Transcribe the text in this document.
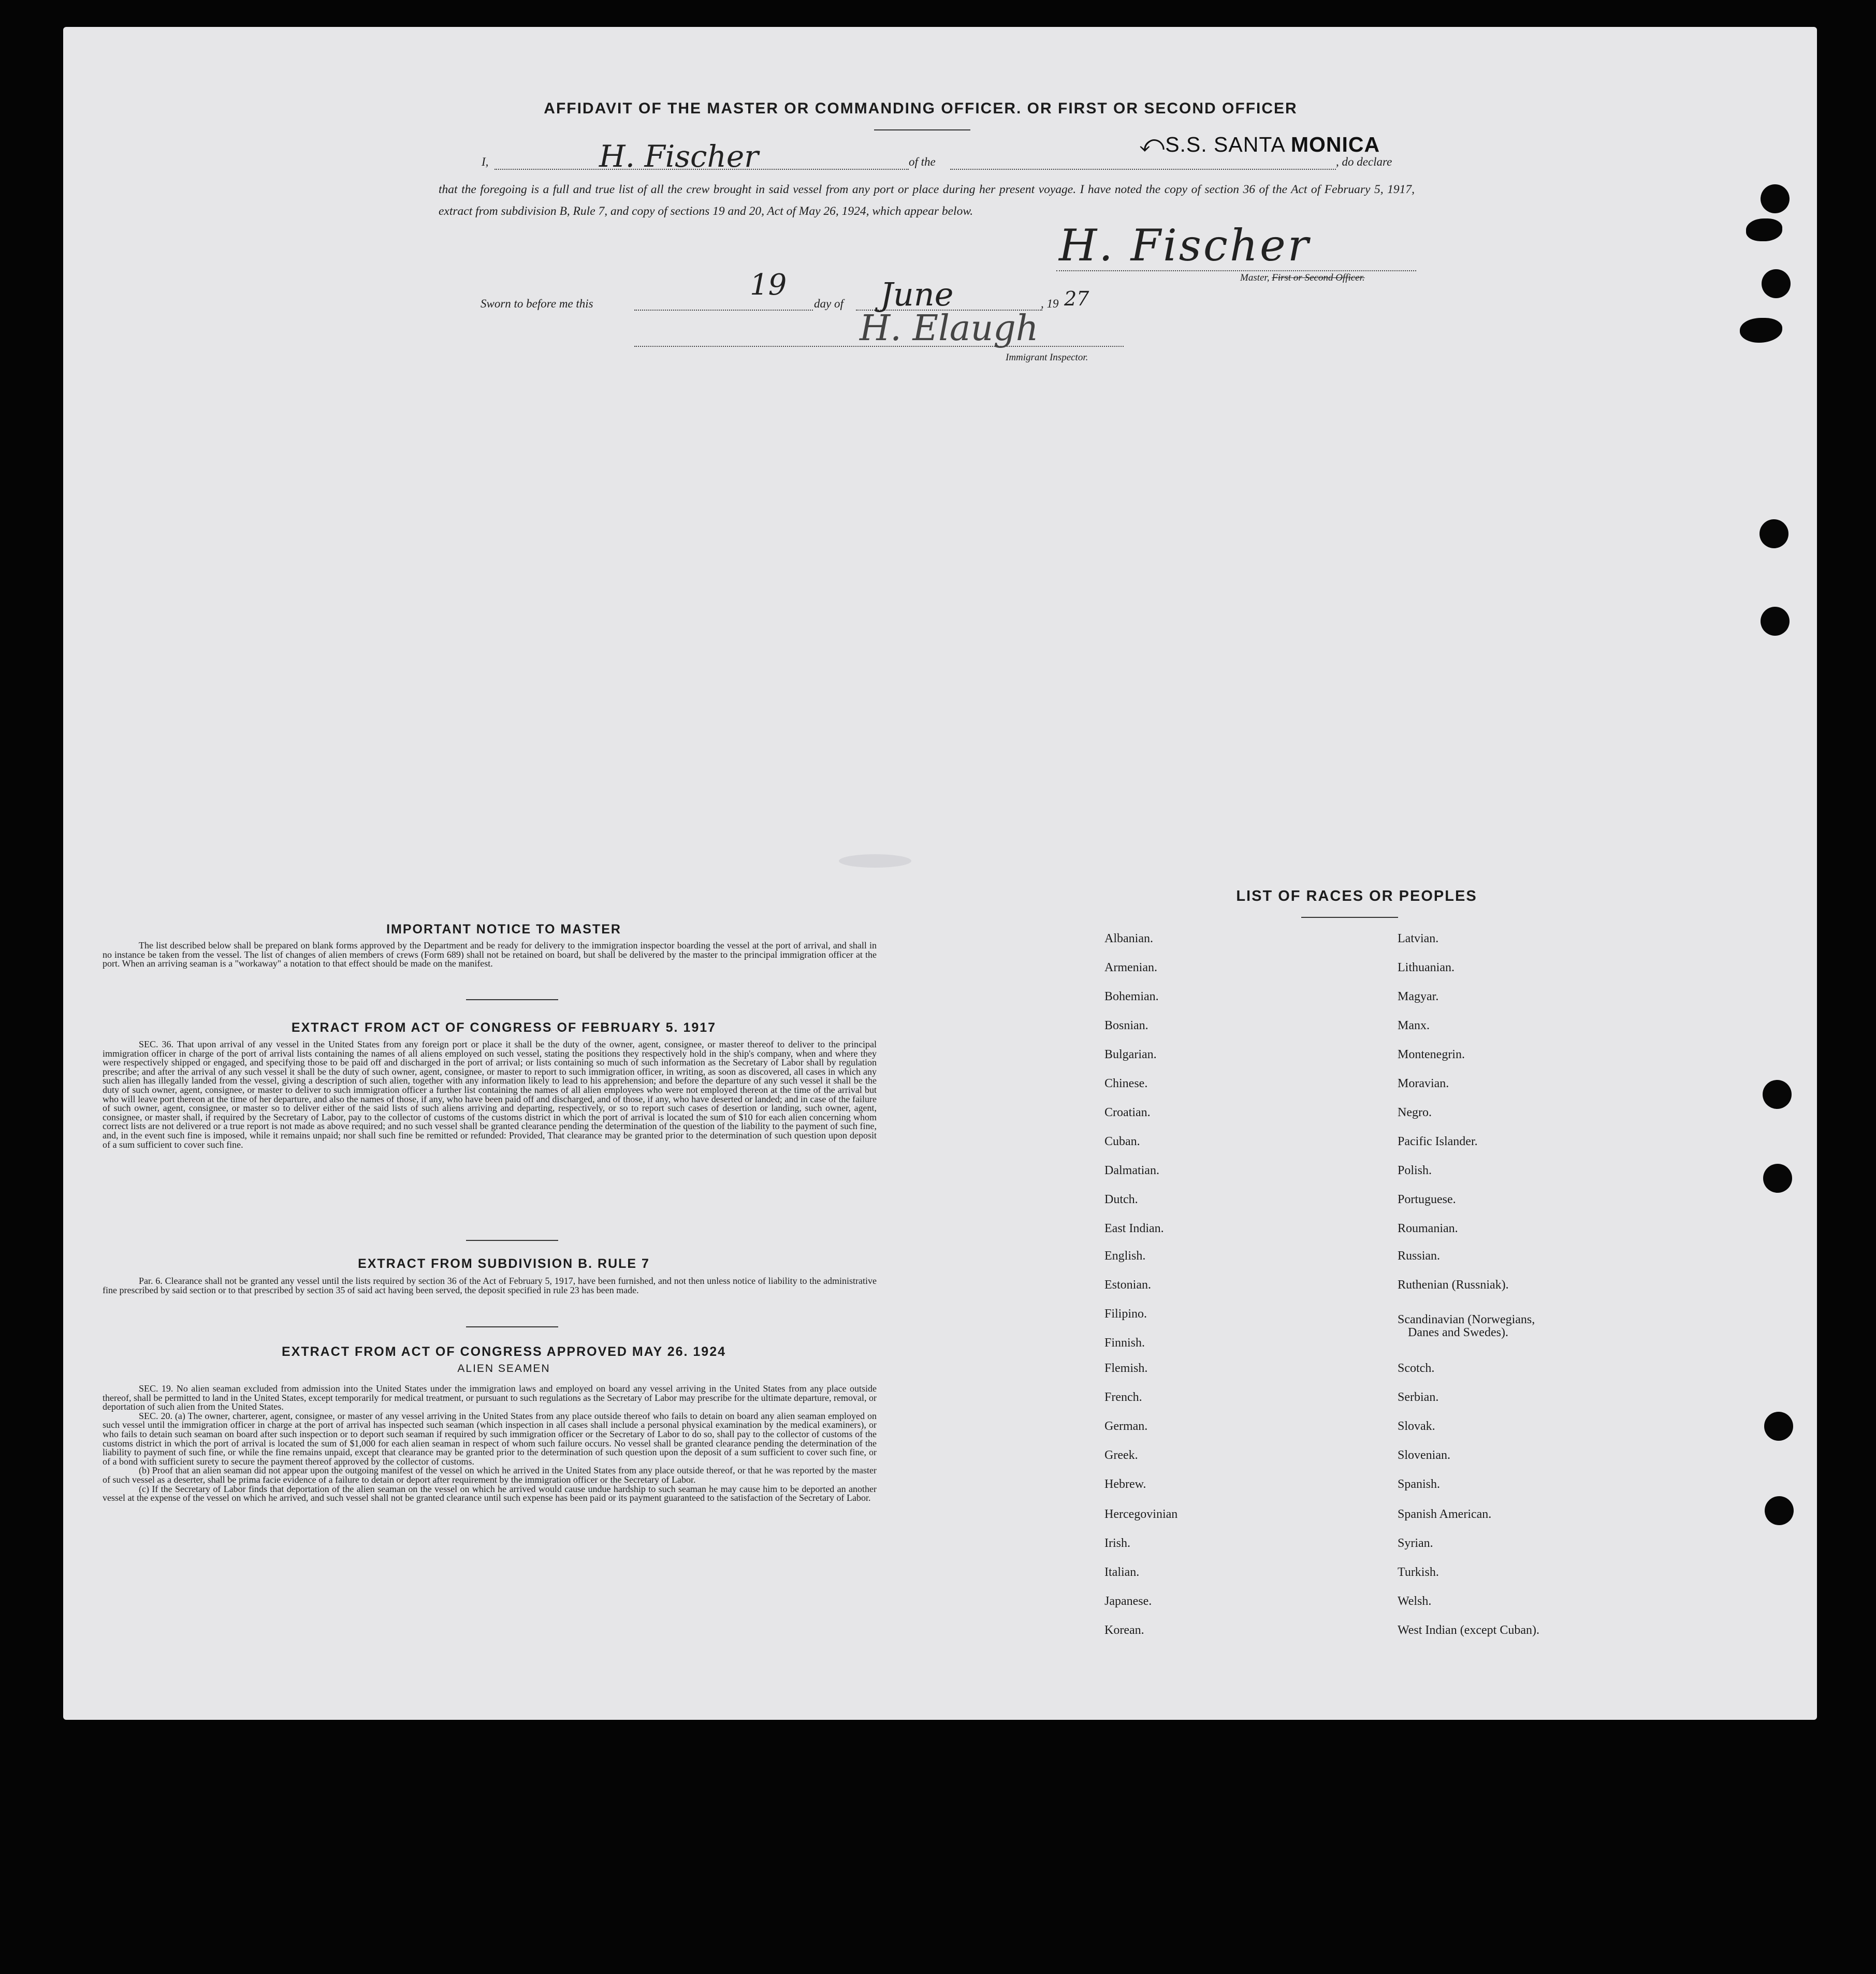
AFFIDAVIT OF THE MASTER OR COMMANDING OFFICER. OR FIRST OR SECOND OFFICER
I,	H. Fischer	of the
⤺S.S. SANTA MONICA
, do declare
that the foregoing is a full and true list of all the crew brought in said vessel from any port or place during her present voyage. I have noted the copy of section 36 of the Act of February 5, 1917, extract from subdivision B, Rule 7, and copy of sections 19 and 20, Act of May 26, 1924, which appear below.
H. Fischer
Master, First or Second Officer.
Sworn to before me this
19
day of June	, 19 27
H. Elaugh
Immigrant Inspector.
IMPORTANT NOTICE TO MASTER

The list described below shall be prepared on blank forms approved by the Department and be ready for delivery to the immigration inspector boarding the vessel at the port of arrival, and shall in no instance be taken from the vessel. The list of changes of alien members of crews (Form 689) shall not be retained on board, but shall be delivered by the master to the principal immigration officer at the port. When an arriving seaman is a "workaway" a notation to that effect should be made on the manifest.

EXTRACT FROM ACT OF CONGRESS OF FEBRUARY 5. 1917

SEC. 36. That upon arrival of any vessel in the United States from any foreign port or place it shall be the duty of the owner, agent, consignee, or master thereof to deliver to the principal immigration officer in charge of the port of arrival lists containing the names of all aliens employed on such vessel, stating the positions they respectively hold in the ship's company, when and where they were respectively shipped or engaged, and specifying those to be paid off and discharged in the port of arrival; or lists containing so much of such information as the Secretary of Labor shall by regulation prescribe; and after the arrival of any such vessel it shall be the duty of such owner, agent, consignee, or master to report to such immigration officer, in writing, as soon as discovered, all cases in which any such alien has illegally landed from the vessel, giving a description of such alien, together with any information likely to lead to his apprehension; and before the departure of any such vessel it shall be the duty of such owner, agent, consignee, or master to deliver to such immigration officer a further list containing the names of all alien employees who were not employed thereon at the time of the arrival but who will leave port thereon at the time of her departure, and also the names of those, if any, who have been paid off and discharged, and of those, if any, who have deserted or landed; and in case of the failure of such owner, agent, consignee, or master so to deliver either of the said lists of such aliens arriving and departing, respectively, or so to report such cases of desertion or landing, such owner, agent, consignee, or master shall, if required by the Secretary of Labor, pay to the collector of customs of the customs district in which the port of arrival is located the sum of $10 for each alien concerning whom correct lists are not delivered or a true report is not made as above required; and no such vessel shall be granted clearance pending the determination of the question of the liability to the payment of such fine, and, in the event such fine is imposed, while it remains unpaid; nor shall such fine be remitted or refunded: Provided, That clearance may be granted prior to the determination of such question upon deposit of a sum sufficient to cover such fine.

EXTRACT FROM SUBDIVISION B. RULE 7

Par. 6. Clearance shall not be granted any vessel until the lists required by section 36 of the Act of February 5, 1917, have been furnished, and not then unless notice of liability to the administrative fine prescribed by said section or to that prescribed by section 35 of said act having been served, the deposit specified in rule 23 has been made.

EXTRACT FROM ACT OF CONGRESS APPROVED MAY 26. 1924
ALIEN SEAMEN

SEC. 19. No alien seaman excluded from admission into the United States under the immigration laws and employed on board any vessel arriving in the United States from any place outside thereof, shall be permitted to land in the United States, except temporarily for medical treatment, or pursuant to such regulations as the Secretary of Labor may prescribe for the ultimate departure, removal, or deportation of such alien from the United States.

SEC. 20. (a) The owner, charterer, agent, consignee, or master of any vessel arriving in the United States from any place outside thereof who fails to detain on board any alien seaman employed on such vessel until the immigration officer in charge at the port of arrival has inspected such seaman (which inspection in all cases shall include a personal physical examination by the medical examiners), or who fails to detain such seaman on board after such inspection or to deport such seaman if required by such immigration officer or the Secretary of Labor to do so, shall pay to the collector of customs of the customs district in which the port of arrival is located the sum of $1,000 for each alien seaman in respect of whom such failure occurs. No vessel shall be granted clearance pending the determination of the liability to payment of such fine, or while the fine remains unpaid, except that clearance may be granted prior to the determination of such question upon the deposit of a sum sufficient to cover such fine, or of a bond with sufficient surety to secure the payment thereof approved by the collector of customs.

(b) Proof that an alien seaman did not appear upon the outgoing manifest of the vessel on which he arrived in the United States from any place outside thereof, or that he was reported by the master of such vessel as a deserter, shall be prima facie evidence of a failure to detain or deport after requirement by the immigration officer or the Secretary of Labor.

(c) If the Secretary of Labor finds that deportation of the alien seaman on the vessel on which he arrived would cause undue hardship to such seaman he may cause him to be deported an another vessel at the expense of the vessel on which he arrived, and such vessel shall not be granted clearance until such expense has been paid or its payment guaranteed to the satisfaction of the Secretary of Labor.

LIST OF RACES OR PEOPLES
Albanian.
Armenian.
Bohemian.
Bosnian.
Bulgarian.
Chinese.
Croatian.
Cuban.
Dalmatian.
Dutch.
East Indian.
English.
Estonian.
Filipino.
Finnish.
Flemish.
French.
German.
Greek.
Hebrew.
Hercegovinian
Irish.
Italian.
Japanese.
Korean.
Latvian.
Lithuanian.
Magyar.
Manx.
Montenegrin.
Moravian.
Negro.
Pacific Islander.
Polish.
Portuguese.
Roumanian.
Russian.
Ruthenian (Russniak).
Scandinavian (Norwegians,
Danes and Swedes).
Scotch.
Serbian.
Slovak.
Slovenian.
Spanish.
Spanish American.
Syrian.
Turkish.
Welsh.
West Indian (except Cuban).
